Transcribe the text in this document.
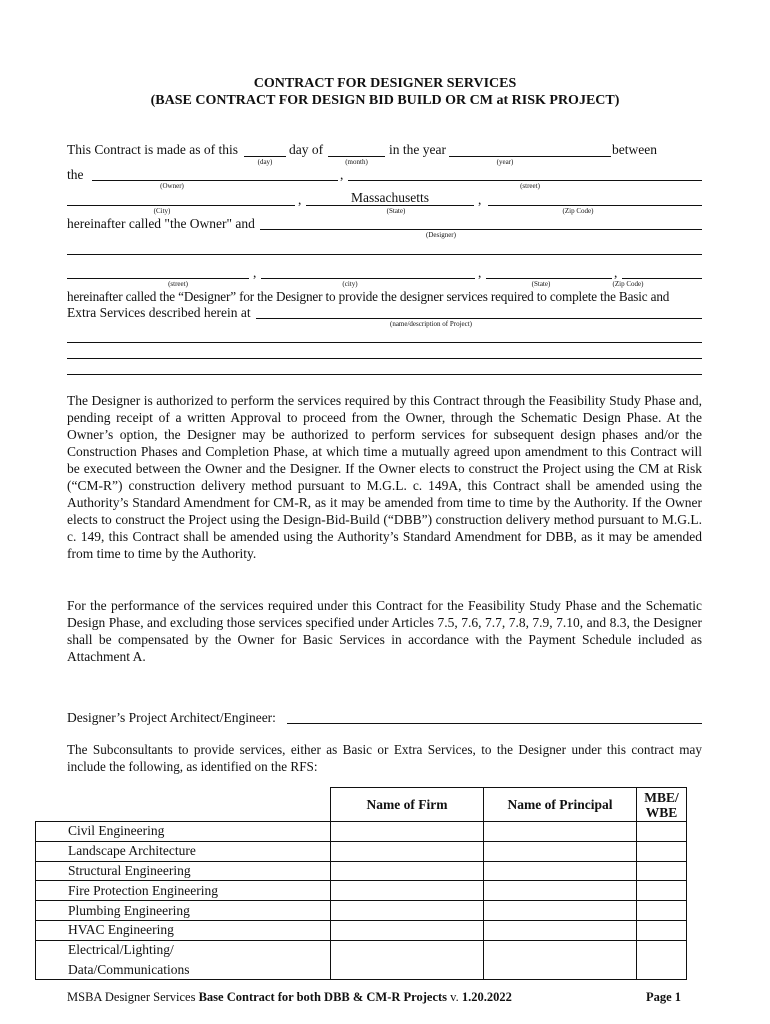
CONTRACT FOR DESIGNER SERVICES
(BASE CONTRACT FOR DESIGN BID BUILD OR CM at RISK PROJECT)
This Contract is made as of this	day of	in the year	between
(day)	(month)	(year)
the	,
(Owner)	(street)
,	Massachusetts	,
(City)	(State)	(Zip Code)
hereinafter called "the Owner" and
(Designer)
,	,	,
(street)	(city)	(State)	(Zip Code)
hereinafter called the “Designer” for the Designer to provide the designer services required to complete the Basic and
Extra Services described herein at
(name/description of Project)
The Designer is authorized to perform the services required by this Contract through the Feasibility Study Phase and, pending receipt of a written Approval to proceed from the Owner, through the Schematic Design Phase. At the Owner’s option, the Designer may be authorized to perform services for subsequent design phases and/or the Construction Phases and Completion Phase, at which time a mutually agreed upon amendment to this Contract will be executed between the Owner and the Designer. If the Owner elects to construct the Project using the CM at Risk (“CM-R”) construction delivery method pursuant to M.G.L. c. 149A, this Contract shall be amended using the Authority’s Standard Amendment for CM-R, as it may be amended from time to time by the Authority. If the Owner elects to construct the Project using the Design-Bid-Build (“DBB”) construction delivery method pursuant to M.G.L. c. 149, this Contract shall be amended using the Authority’s Standard Amendment for DBB, as it may be amended from time to time by the Authority.
For the performance of the services required under this Contract for the Feasibility Study Phase and the Schematic Design Phase, and excluding those services specified under Articles 7.5, 7.6, 7.7, 7.8, 7.9, 7.10, and 8.3, the Designer shall be compensated by the Owner for Basic Services in accordance with the Payment Schedule included as Attachment A.
Designer’s Project Architect/Engineer:
The Subconsultants to provide services, either as Basic or Extra Services, to the Designer under this contract may include the following, as identified on the RFS:
	Name of Firm	Name of Principal	MBE/ WBE
Civil Engineering			
Landscape Architecture			
Structural Engineering			
Fire Protection Engineering			
Plumbing Engineering			
HVAC Engineering			
Electrical/Lighting/			
Data/Communications			
MSBA Designer Services Base Contract for both DBB & CM-R Projects v. 1.20.2022	Page 1
